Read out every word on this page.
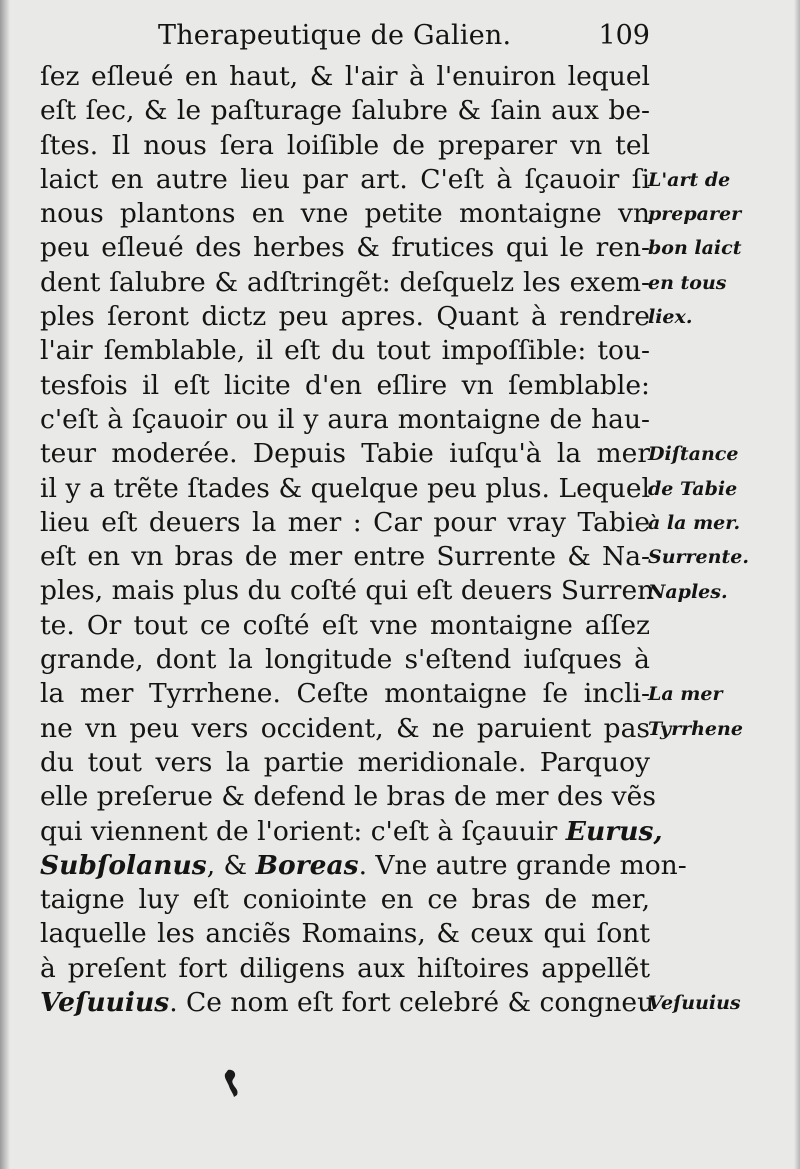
Therapeutique de Galien.	109
ſez eſleué en haut, & l'air à l'enuiron lequel
eſt ſec, & le paſturage ſalubre & ſain aux be-
ſtes. Il nous ſera loiſible de preparer vn tel
laict en autre lieu par art. C'eſt à ſçauoir ſi
nous plantons en vne petite montaigne vn
peu eſleué des herbes & frutices qui le ren-
dent ſalubre & adſtringẽt: deſquelz les exem-
ples ſeront dictz peu apres. Quant à rendre
l'air ſemblable, il eſt du tout impoſſible: tou-
tesfois il eſt licite d'en eſlire vn ſemblable:
c'eſt à ſçauoir ou il y aura montaigne de hau-
teur moderée. Depuis Tabie iuſqu'à la mer
il y a trẽte ſtades & quelque peu plus. Lequel
lieu eſt deuers la mer : Car pour vray Tabie
eſt en vn bras de mer entre Surrente & Na-
ples, mais plus du coſté qui eſt deuers Surren
te. Or tout ce coſté eſt vne montaigne aſſez
grande, dont la longitude s'eſtend iuſques à
la mer Tyrrhene. Ceſte montaigne ſe incli-
ne vn peu vers occident, & ne paruient pas
du tout vers la partie meridionale. Parquoy
elle preſerue & defend le bras de mer des vẽs
qui viennent de l'orient: c'eſt à ſçauuir Eurus,
Subſolanus, & Boreas. Vne autre grande mon-
taigne luy eſt coniointe en ce bras de mer,
laquelle les anciẽs Romains, & ceux qui ſont
à preſent fort diligens aux hiſtoires appellẽt
Veſuuius. Ce nom eſt fort celebré & congneu
L'art de
preparer
bon laict
en tous
liex.
Diſtance
de Tabie
à la mer.
Surrente.
Naples.
La mer
Tyrrhene
Veſuuius
